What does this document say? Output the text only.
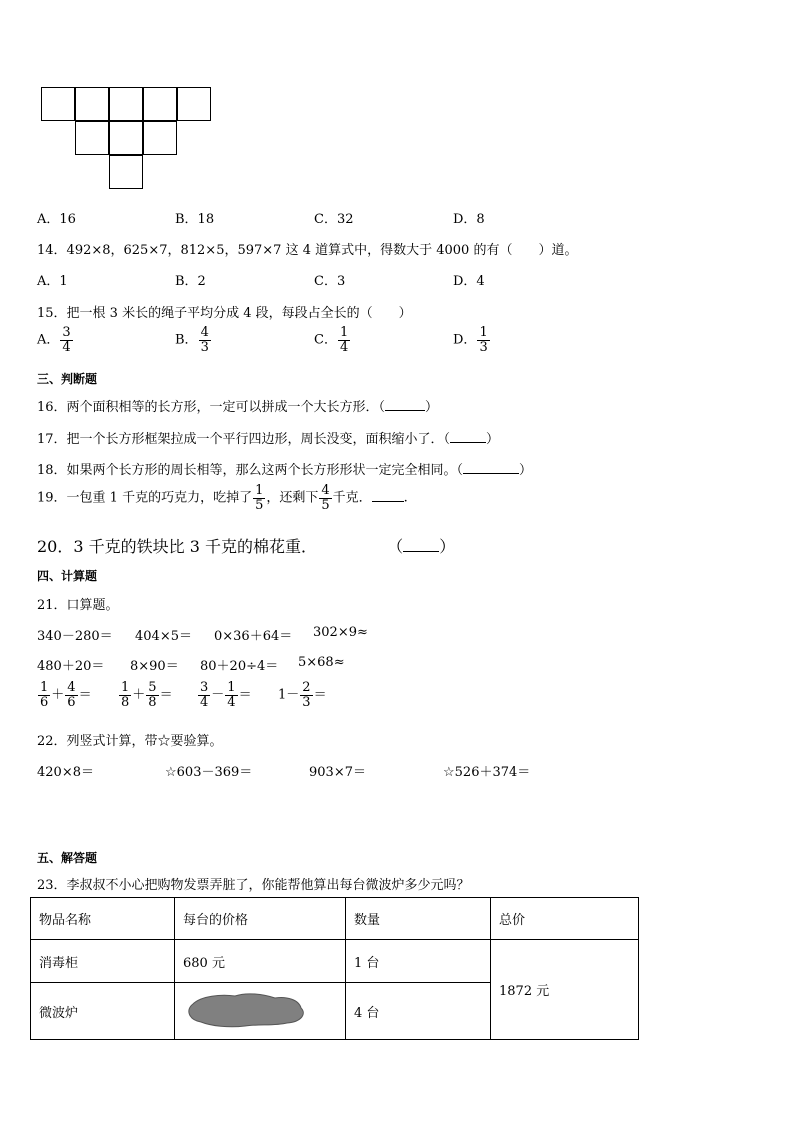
A．16	B．18	C．32	D．8
14．492×8，625×7，812×5，597×7 这 4 道算式中，得数大于 4000 的有（　　）道。
A．1	B．2	C．3	D．4
15．把一根 3 米长的绳子平均分成 4 段，每段占全长的（　　）
A． $\frac{3}{4}$	B． $\frac{4}{3}$	C． $\frac{1}{4}$	D． $\frac{1}{3}$
三、判断题
16．两个面积相等的长方形，一定可以拼成一个大长方形．（	）
17．把一个长方形框架拉成一个平行四边形，周长没变，面积缩小了．（	）
18．如果两个长方形的周长相等，那么这两个长方形形状一定完全相同。（	）
19．一包重 1 千克的巧克力，吃掉了 $\frac{1}{5}$ ，还剩下 $\frac{4}{5}$ 千克． .
20．3 千克的铁块比 3 千克的棉花重．	（ ）
四、计算题
21．口算题。
340－280＝ 404×5＝ 0×36＋64＝ 302×9≈
480＋20＝ 8×90＝ 80＋20÷4＝ 5×68≈
$\frac{1}{6} + \frac{4}{6} = \frac{1}{8} + \frac{5}{8} = \frac{3}{4} - \frac{1}{4} = 1- \frac{2}{3}$ ＝
22．列竖式计算，带☆要验算。
420×8＝	☆603－369＝	903×7＝	☆526＋374＝
五、解答题
23．李叔叔不小心把购物发票弄脏了，你能帮他算出每台微波炉多少元吗？
物品名称	每台的价格	数量	总价
消毒柜	680 元	1 台	1872 元
微波炉		4 台	
